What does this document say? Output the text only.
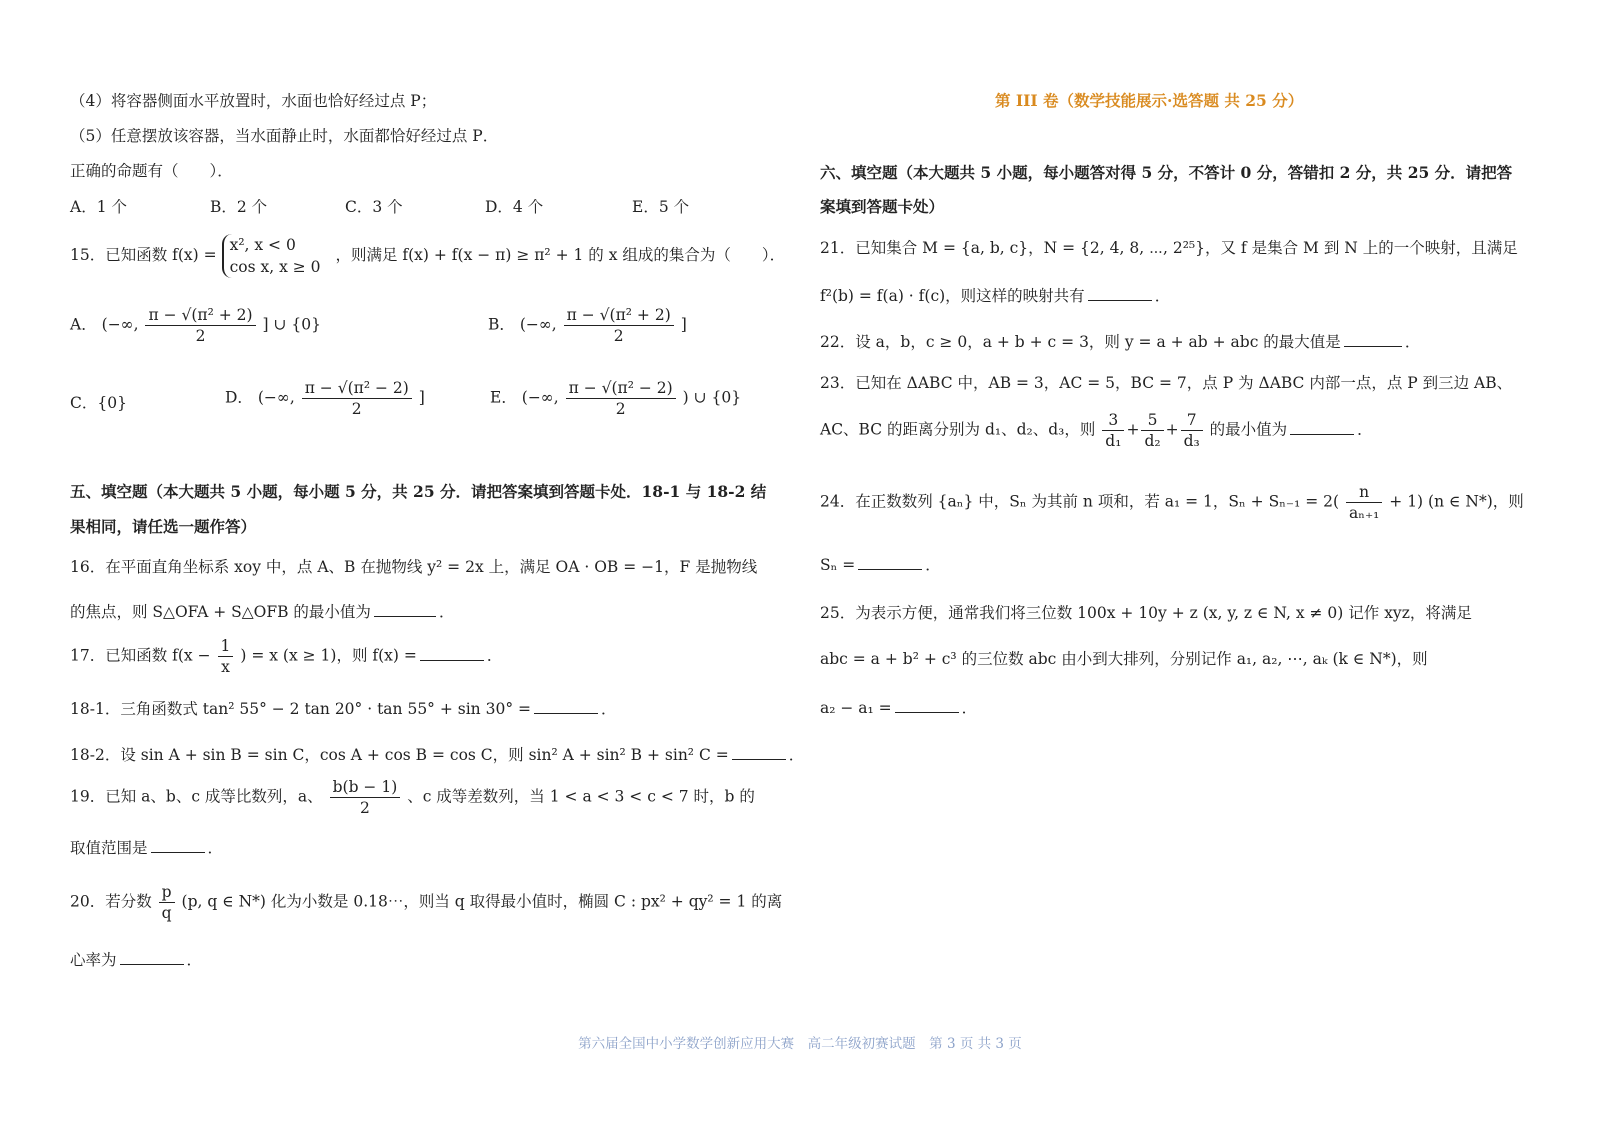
（4）将容器侧面水平放置时，水面也恰好经过点 P；
（5）任意摆放该容器，当水面静止时，水面都恰好经过点 P．
正确的命题有（　　）．
A．1 个	B．2 个	C．3 个	D．4 个	E．5 个
15．已知函数 f(x) =
x², x < 0
cos x, x ≥ 0
，则满足 f(x) + f(x − π) ≥ π² + 1 的 x 组成的集合为（　　）．
A． (−∞, $\frac{\text{π − √(π² + 2)}}{2}$ ] ∪ {0}	B． (−∞, $\frac{\text{π − √(π² + 2)}}{2}$ ]
C．{0}	D． (−∞, $\frac{\text{π − √(π² − 2)}}{2}$ ]	E． (−∞, $\frac{\text{π − √(π² − 2)}}{2}$ ) ∪ {0}
五、填空题（本大题共 5 小题，每小题 5 分，共 25 分．请把答案填到答题卡处．18-1 与 18-2 结果相同，请任选一题作答）
16．在平面直角坐标系 xoy 中，点 A、B 在抛物线 y² = 2x 上，满足 OA · OB = −1，F 是抛物线
的焦点，则 S△OFA + S△OFB 的最小值为	．
17．已知函数 $f(x - \frac{1}{x}$ ) = x (x ≥ 1)，则 f(x) =	．
18-1．三角函数式 tan² 55° − 2 tan 20° · tan 55° + sin 30° =	．
18-2．设 sin A + sin B = sin C，cos A + cos B = cos C，则 sin² A + sin² B + sin² C =	．
19．已知 a、b、c 成等比数列，a、 $\frac{b(b - 1)}{2}$ 、c 成等差数列，当 1 < a < 3 < c < 7 时，b 的
取值范围是	．
20．若分数 $\frac{p}{q} (p$, q ∈ N*) 化为小数是 0.18⋯，则当 q 取得最小值时，椭圆 C : px² + qy² = 1 的离
心率为	．
第 III 卷（数学技能展示·选答题 共 25 分）
六、填空题（本大题共 5 小题，每小题答对得 5 分，不答计 0 分，答错扣 2 分，共 25 分．请把答案填到答题卡处）
21．已知集合 M = {a, b, c}，N = {2, 4, 8, ⋯, 2²⁵}，又 f 是集合 M 到 N 上的一个映射，且满足
f²(b) = f(a) · f(c)，则这样的映射共有	．
22．设 a，b，c ≥ 0，a + b + c = 3，则 y = a + ab + abc 的最大值是	．
23．已知在 ΔABC 中，AB = 3，AC = 5，BC = 7，点 P 为 ΔABC 内部一点，点 P 到三边 AB、
AC、BC 的距离分别为 d₁、d₂、d₃，则 $\frac{3}{\text{d₁}} + \frac{5}{\text{d₂}} + \frac{7}{\text{d₃}}$ 的最小值为	．
24．在正数数列 {aₙ} 中，Sₙ 为其前 n 项和，若 a₁ = 1，$S_n + S_{n-1} = 2( \frac{n}{\text{aₙ₊₁}} + 1)$ (n ∈ N*)，则
Sₙ =	．
25．为表示方便，通常我们将三位数 100x + 10y + z (x, y, z ∈ N, x ≠ 0) 记作 xyz，将满足
abc = a + b² + c³ 的三位数 abc 由小到大排列，分别记作 a₁, a₂, ⋯, aₖ (k ∈ N*)，则
a₂ − a₁ =	．
第六届全国中小学数学创新应用大赛　高二年级初赛试题　第 3 页 共 3 页
